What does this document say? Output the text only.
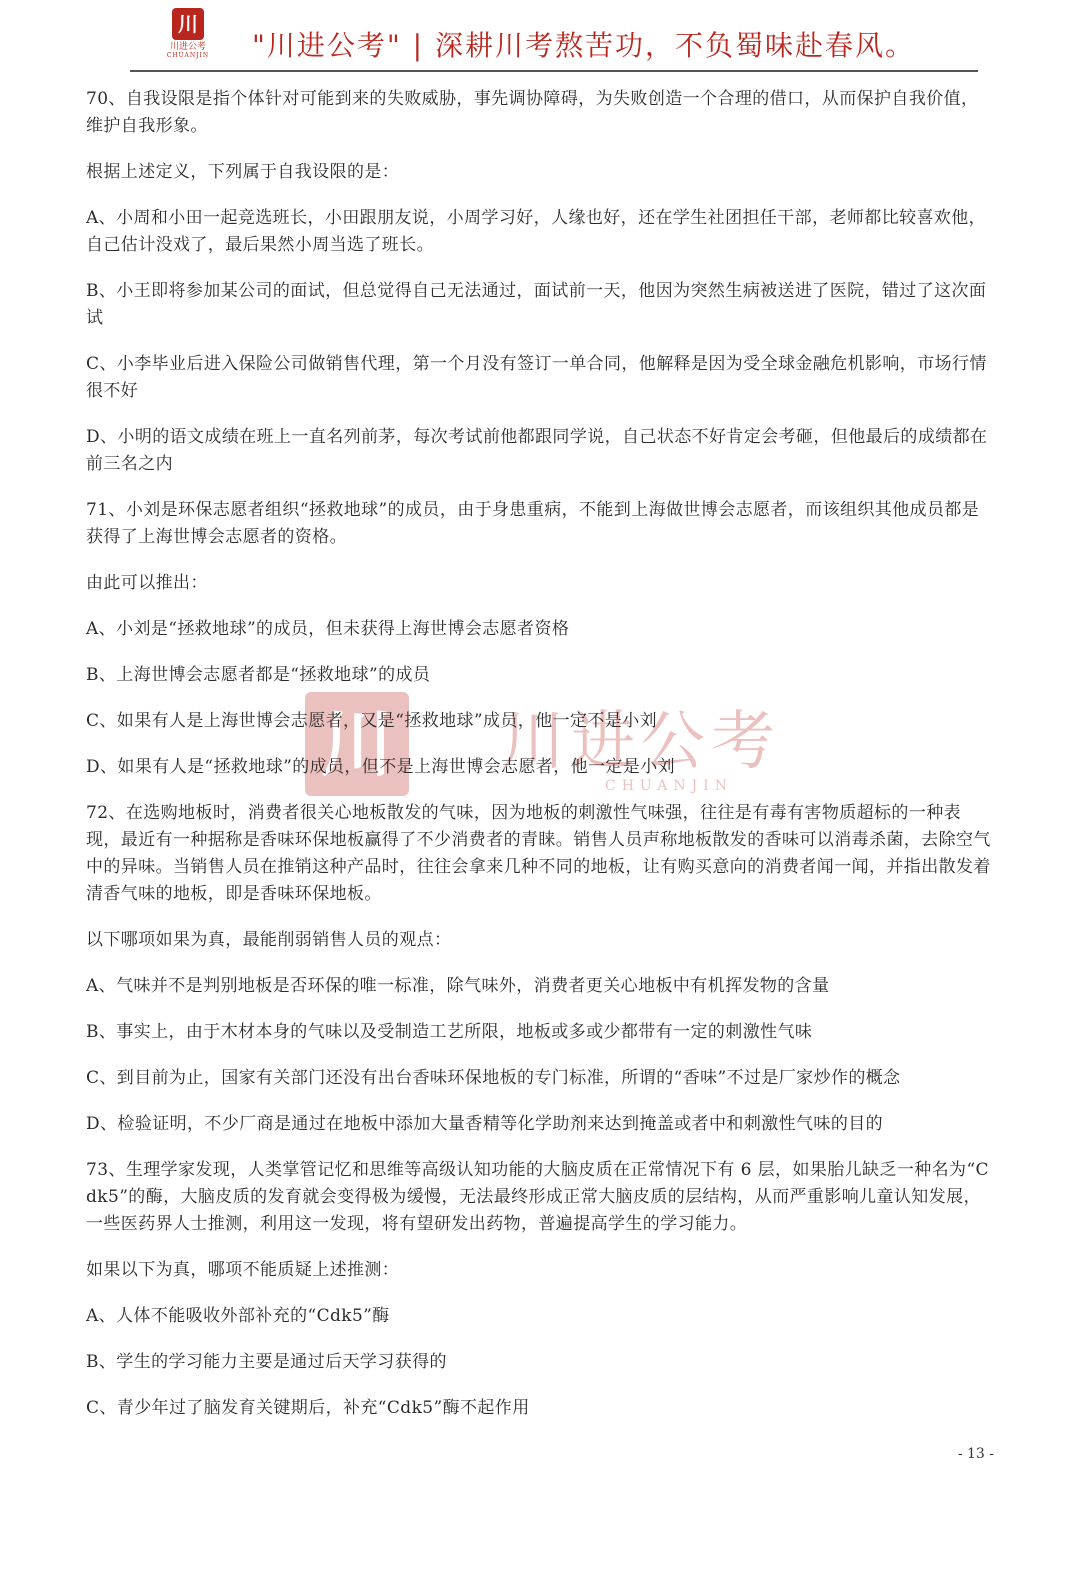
川
川进公考
CHUANJIN	"川进公考" | 深耕川考熬苦功，不负蜀味赴春风。
川 川进公考
CHUANJIN

70、自我设限是指个体针对可能到来的失败威胁，事先调协障碍，为失败创造一个合理的借口，从而保护自我价值，维护自我形象。

根据上述定义，下列属于自我设限的是：

A、小周和小田一起竞选班长，小田跟朋友说，小周学习好，人缘也好，还在学生社团担任干部，老师都比较喜欢他，自己估计没戏了，最后果然小周当选了班长。

B、小王即将参加某公司的面试，但总觉得自己无法通过，面试前一天，他因为突然生病被送进了医院，错过了这次面试

C、小李毕业后进入保险公司做销售代理，第一个月没有签订一单合同，他解释是因为受全球金融危机影响，市场行情很不好

D、小明的语文成绩在班上一直名列前茅，每次考试前他都跟同学说，自己状态不好肯定会考砸，但他最后的成绩都在前三名之内

71、小刘是环保志愿者组织“拯救地球”的成员，由于身患重病，不能到上海做世博会志愿者，而该组织其他成员都是获得了上海世博会志愿者的资格。

由此可以推出：

A、小刘是“拯救地球”的成员，但未获得上海世博会志愿者资格

B、上海世博会志愿者都是“拯救地球”的成员

C、如果有人是上海世博会志愿者，又是“拯救地球”成员，他一定不是小刘

D、如果有人是“拯救地球”的成员，但不是上海世博会志愿者，他一定是小刘

72、在选购地板时，消费者很关心地板散发的气味，因为地板的刺激性气味强，往往是有毒有害物质超标的一种表现，最近有一种据称是香味环保地板赢得了不少消费者的青睐。销售人员声称地板散发的香味可以消毒杀菌，去除空气中的异味。当销售人员在推销这种产品时，往往会拿来几种不同的地板，让有购买意向的消费者闻一闻，并指出散发着清香气味的地板，即是香味环保地板。

以下哪项如果为真，最能削弱销售人员的观点：

A、气味并不是判别地板是否环保的唯一标准，除气味外，消费者更关心地板中有机挥发物的含量

B、事实上，由于木材本身的气味以及受制造工艺所限，地板或多或少都带有一定的刺激性气味

C、到目前为止，国家有关部门还没有出台香味环保地板的专门标准，所谓的“香味”不过是厂家炒作的概念

D、检验证明，不少厂商是通过在地板中添加大量香精等化学助剂来达到掩盖或者中和刺激性气味的目的

73、生理学家发现，人类掌管记忆和思维等高级认知功能的大脑皮质在正常情况下有 6 层，如果胎儿缺乏一种名为“Cdk5”的酶，大脑皮质的发育就会变得极为缓慢，无法最终形成正常大脑皮质的层结构，从而严重影响儿童认知发展，一些医药界人士推测，利用这一发现，将有望研发出药物，普遍提高学生的学习能力。

如果以下为真，哪项不能质疑上述推测：

A、人体不能吸收外部补充的“Cdk5”酶

B、学生的学习能力主要是通过后天学习获得的

C、青少年过了脑发育关键期后，补充“Cdk5”酶不起作用

- 13 -
